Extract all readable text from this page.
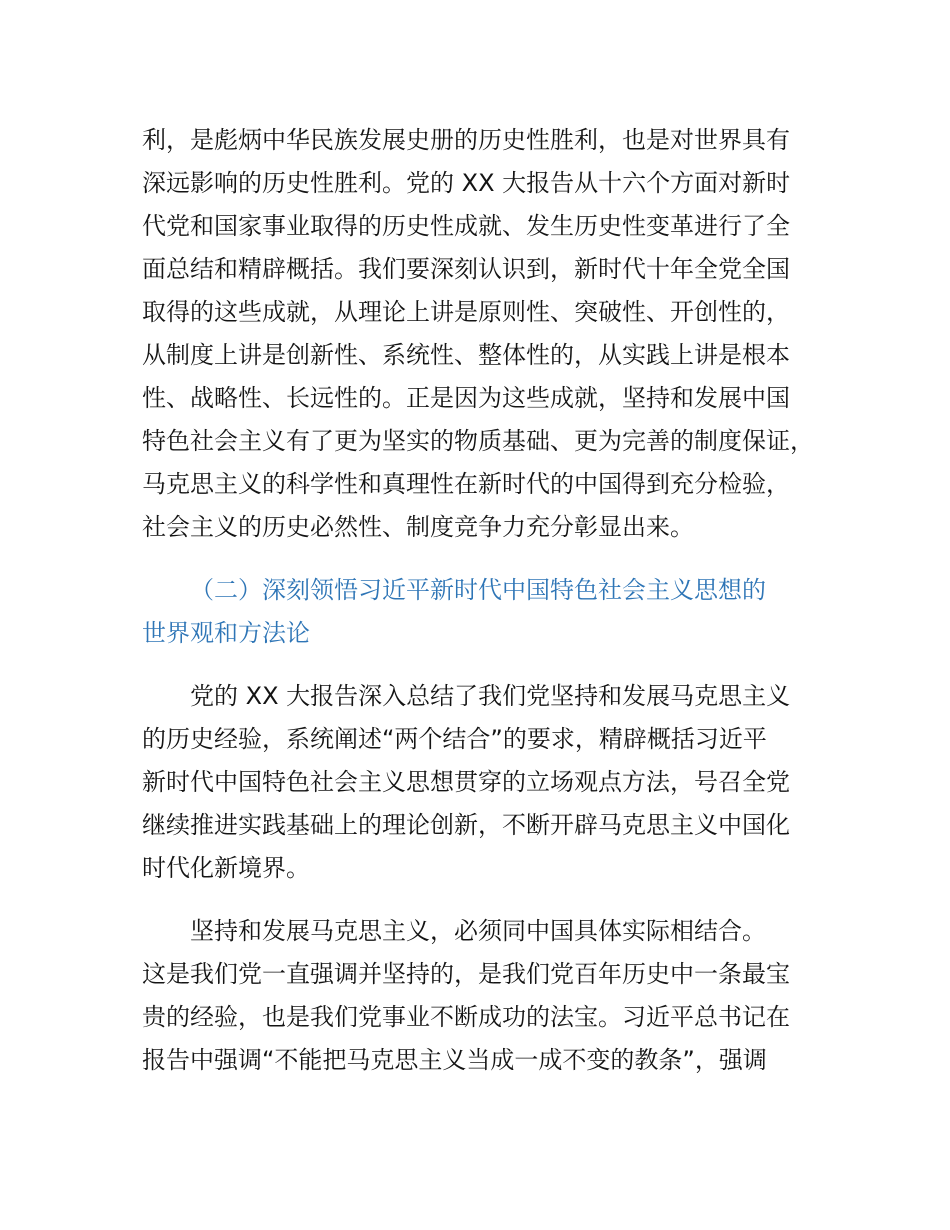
利，是彪炳中华民族发展史册的历史性胜利，也是对世界具有

深远影响的历史性胜利。党的 XX 大报告从十六个方面对新时

代党和国家事业取得的历史性成就、发生历史性变革进行了全

面总结和精辟概括。我们要深刻认识到，新时代十年全党全国

取得的这些成就，从理论上讲是原则性、突破性、开创性的，

从制度上讲是创新性、系统性、整体性的，从实践上讲是根本

性、战略性、长远性的。正是因为这些成就，坚持和发展中国

特色社会主义有了更为坚实的物质基础、更为完善的制度保证，

马克思主义的科学性和真理性在新时代的中国得到充分检验，

社会主义的历史必然性、制度竞争力充分彰显出来。

（二）深刻领悟习近平新时代中国特色社会主义思想的

世界观和方法论

党的 XX 大报告深入总结了我们党坚持和发展马克思主义

的历史经验，系统阐述“两个结合”的要求，精辟概括习近平

新时代中国特色社会主义思想贯穿的立场观点方法，号召全党

继续推进实践基础上的理论创新，不断开辟马克思主义中国化

时代化新境界。

坚持和发展马克思主义，必须同中国具体实际相结合。

这是我们党一直强调并坚持的，是我们党百年历史中一条最宝

贵的经验，也是我们党事业不断成功的法宝。习近平总书记在

报告中强调“不能把马克思主义当成一成不变的教条”，强调
